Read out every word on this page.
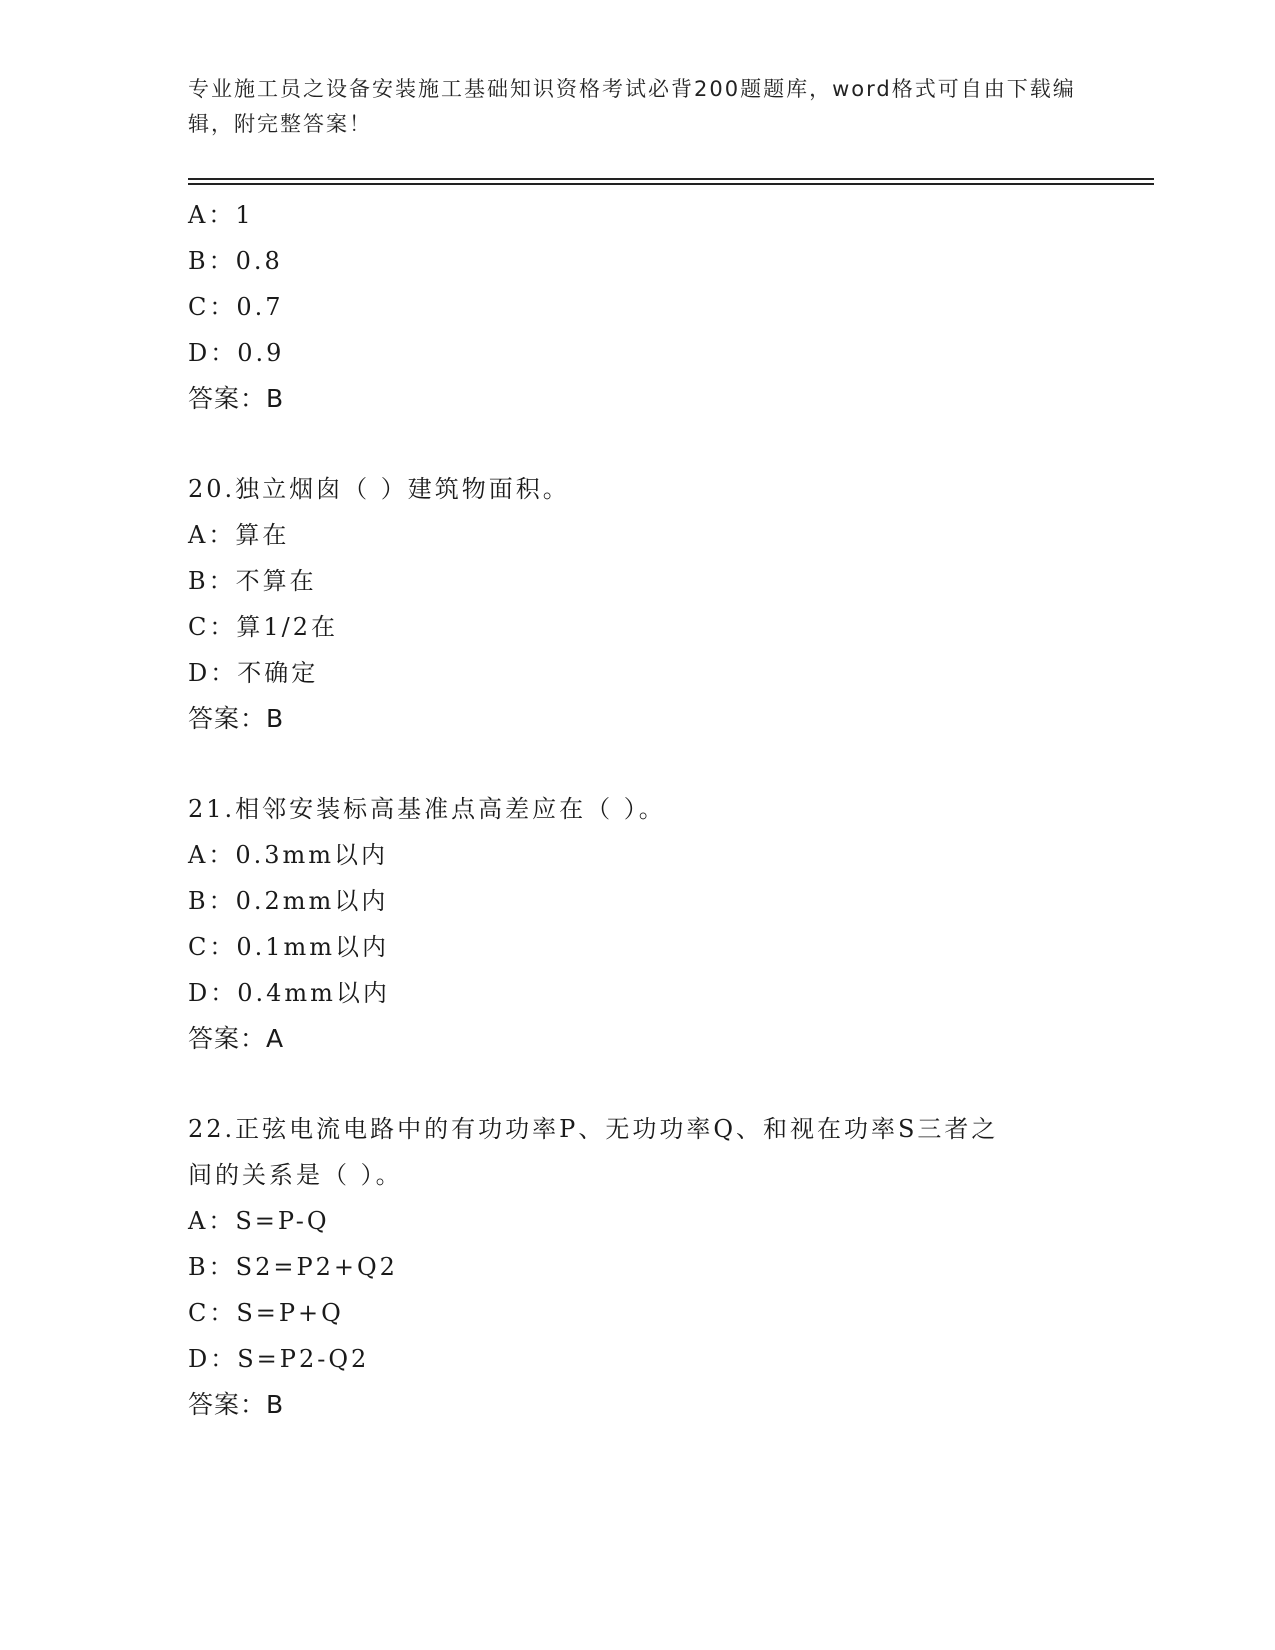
专业施工员之设备安装施工基础知识资格考试必背200题题库，word格式可自由下载编辑，附完整答案！
A：1
B：0.8
C：0.7
D：0.9
答案：B
20.独立烟囱（ ）建筑物面积。
A：算在
B：不算在
C：算1/2在
D：不确定
答案：B
21.相邻安装标高基准点高差应在（ ）。
A：0.3mm以内
B：0.2mm以内
C：0.1mm以内
D：0.4mm以内
答案：A
22.正弦电流电路中的有功功率P、无功功率Q、和视在功率S三者之
间的关系是（ ）。
A：S=P-Q
B：S2=P2+Q2
C：S=P+Q
D：S=P2-Q2
答案：B
